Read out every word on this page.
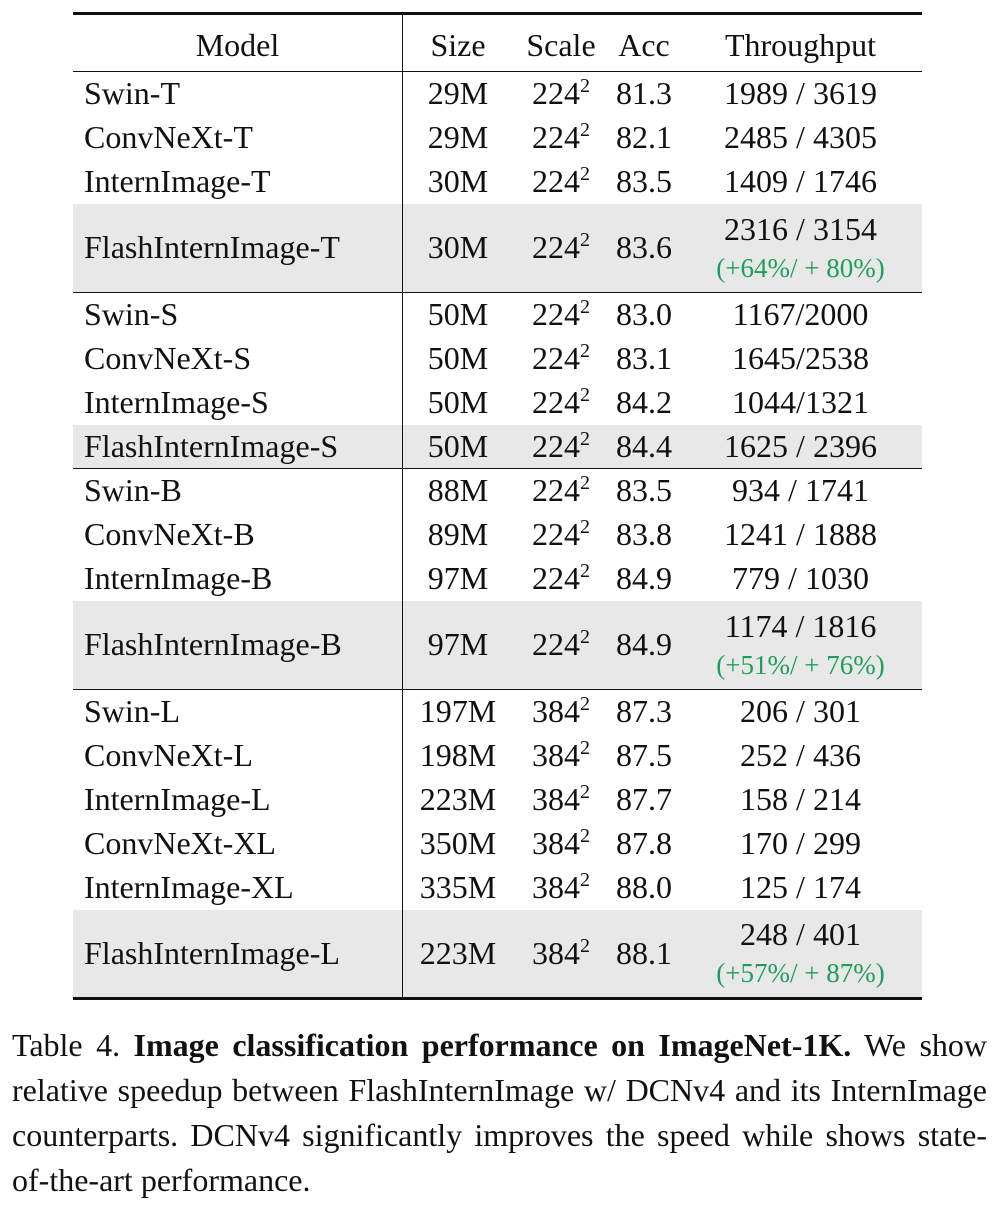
Model	Size	Scale	Acc	Throughput
Swin-T	29M	$224^2$	81.3	1989 / 3619
ConvNeXt-T	29M	$224^2$	82.1	2485 / 4305
InternImage-T	30M	$224^2$	83.5	1409 / 1746
FlashInternImage-T	30M	$224^2$	83.6	2316 / 3154
(+64%/ + 80%)

Swin-S	50M	$224^2$	83.0	1167/2000
ConvNeXt-S	50M	$224^2$	83.1	1645/2538
InternImage-S	50M	$224^2$	84.2	1044/1321
FlashInternImage-S	50M	$224^2$	84.4	1625 / 2396
Swin-B	88M	$224^2$	83.5	934 / 1741
ConvNeXt-B	89M	$224^2$	83.8	1241 / 1888
InternImage-B	97M	$224^2$	84.9	779 / 1030
FlashInternImage-B	97M	$224^2$	84.9	1174 / 1816
(+51%/ + 76%)

Swin-L	197M	$384^2$	87.3	206 / 301
ConvNeXt-L	198M	$384^2$	87.5	252 / 436
InternImage-L	223M	$384^2$	87.7	158 / 214
ConvNeXt-XL	350M	$384^2$	87.8	170 / 299
InternImage-XL	335M	$384^2$	88.0	125 / 174
FlashInternImage-L	223M	$384^2$	88.1	248 / 401
(+57%/ + 87%)

Table 4. Image classification performance on ImageNet-1K. We show relative speedup between FlashInternImage w/ DCNv4 and its InternImage counterparts. DCNv4 significantly improves the speed while shows state-of-the-art performance.
